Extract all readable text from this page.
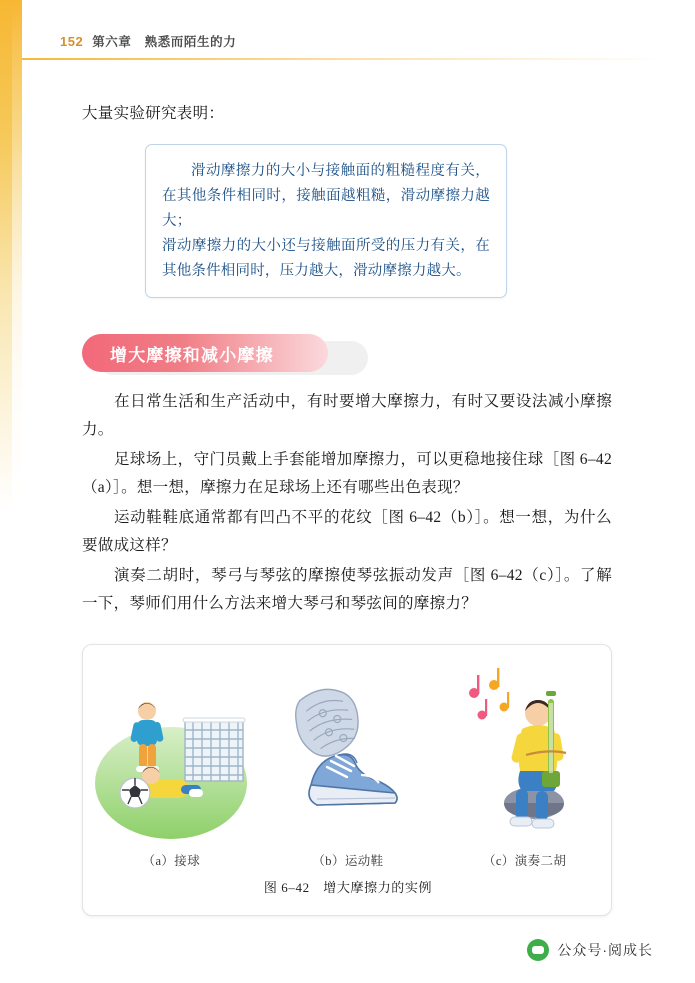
152 第六章　熟悉而陌生的力

大量实验研究表明：

滑动摩擦力的大小与接触面的粗糙程度有关，在其他条件相同时，接触面越粗糙，滑动摩擦力越大；

滑动摩擦力的大小还与接触面所受的压力有关，在其他条件相同时，压力越大，滑动摩擦力越大。

增大摩擦和减小摩擦

在日常生活和生产活动中，有时要增大摩擦力，有时又要设法减小摩擦力。

足球场上，守门员戴上手套能增加摩擦力，可以更稳地接住球［图 6–42（a）］。想一想，摩擦力在足球场上还有哪些出色表现？

运动鞋鞋底通常都有凹凸不平的花纹［图 6–42（b）］。想一想，为什么要做成这样？

演奏二胡时，琴弓与琴弦的摩擦使琴弦振动发声［图 6–42（c）］。了解一下，琴师们用什么方法来增大琴弓和琴弦间的摩擦力？

（a）接球	（b）运动鞋	（c）演奏二胡
图 6–42　增大摩擦力的实例
公众号·阅成长
